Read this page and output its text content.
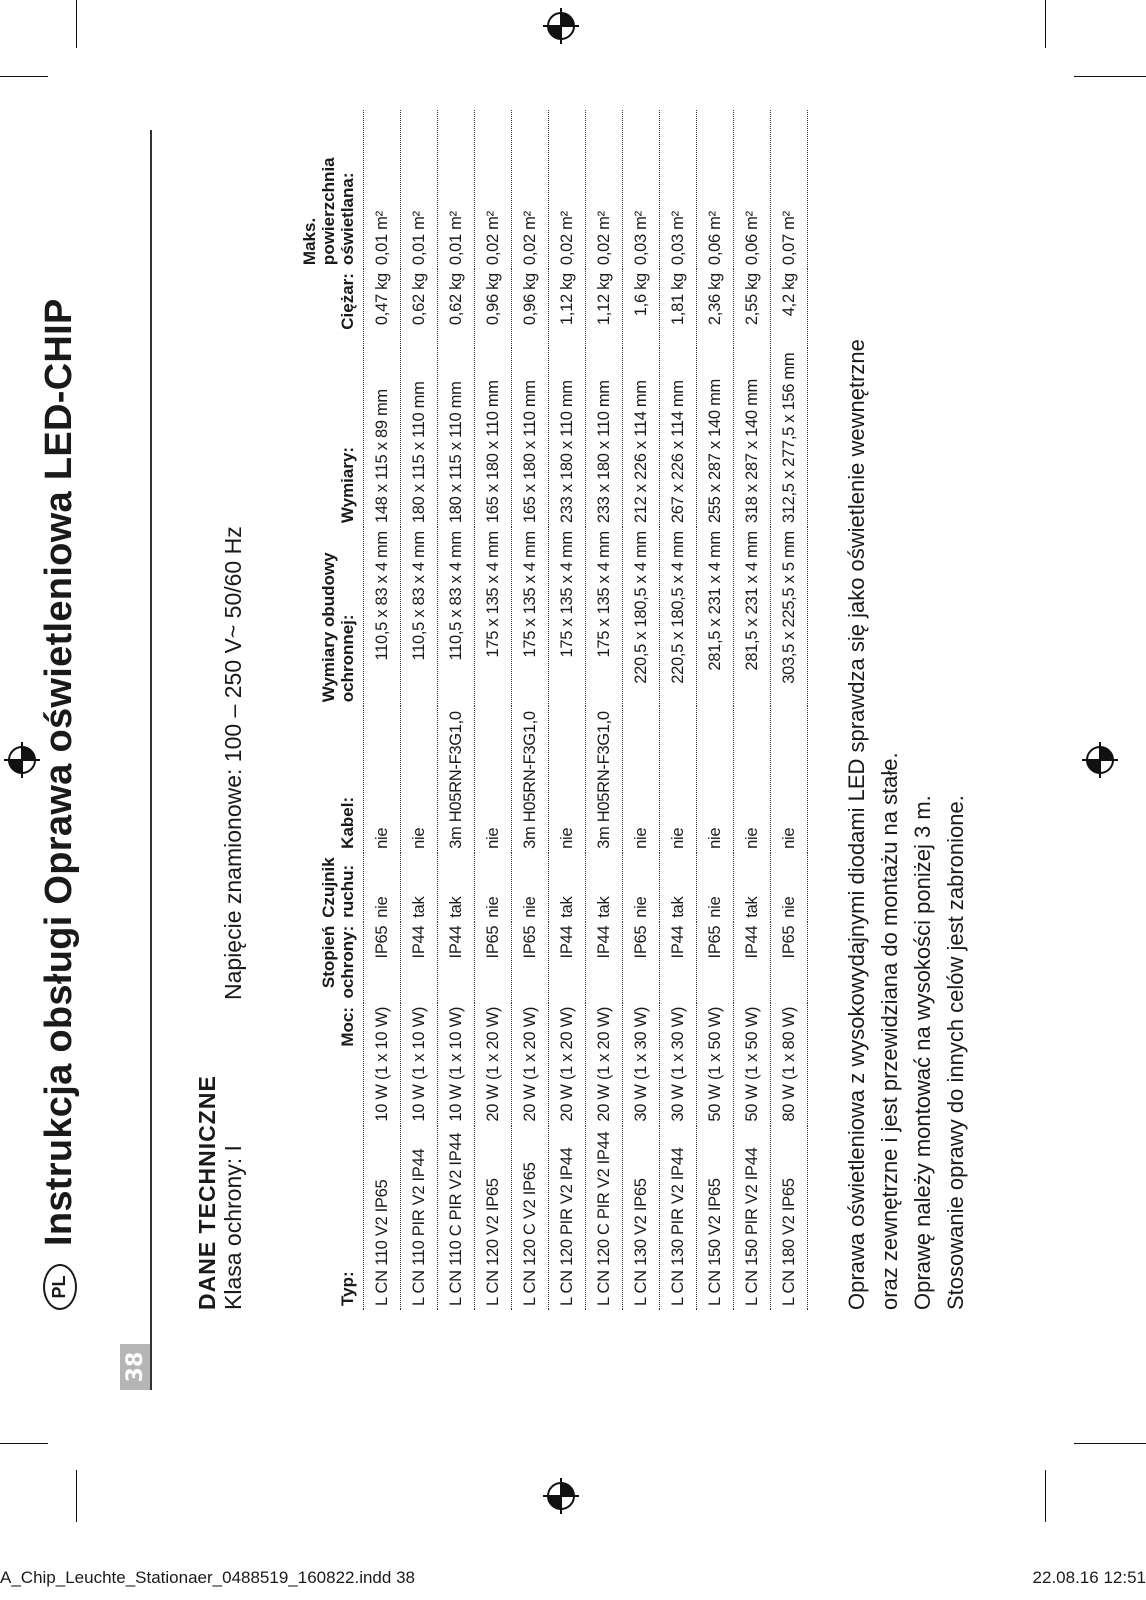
38
PL
Instrukcja obsługi Oprawa oświetleniowa LED-CHIP	DANE TECHNICZNE Klasa ochrony: I
Napięcie znamionowe: 100 – 250 V~ 50/60 Hz
Typ:	Moc:	Stopień ochrony:	Czujnik ruchu:	Kabel:	Wymiary obudowy ochronnej:	Wymiary:	Ciężar:	Maks. powierzchnia oświetlana:
L CN 110 V2 IP65	10 W (1 x 10 W)	IP65	nie	nie	110,5 x 83 x 4 mm	148 x 115 x 89 mm	0,47 kg	0,01 m²
L CN 110 PIR V2 IP44	10 W (1 x 10 W)	IP44	tak	nie	110,5 x 83 x 4 mm	180 x 115 x 110 mm	0,62 kg	0,01 m²
L CN 110 C PIR V2 IP44	10 W (1 x 10 W)	IP44	tak	3m H05RN-F3G1,0	110,5 x 83 x 4 mm	180 x 115 x 110 mm	0,62 kg	0,01 m²
L CN 120 V2 IP65	20 W (1 x 20 W)	IP65	nie	nie	175 x 135 x 4 mm	165 x 180 x 110 mm	0,96 kg	0,02 m²
L CN 120 C V2 IP65	20 W (1 x 20 W)	IP65	nie	3m H05RN-F3G1,0	175 x 135 x 4 mm	165 x 180 x 110 mm	0,96 kg	0,02 m²
L CN 120 PIR V2 IP44	20 W (1 x 20 W)	IP44	tak	nie	175 x 135 x 4 mm	233 x 180 x 110 mm	1,12 kg	0,02 m²
L CN 120 C PIR V2 IP44	20 W (1 x 20 W)	IP44	tak	3m H05RN-F3G1,0	175 x 135 x 4 mm	233 x 180 x 110 mm	1,12 kg	0,02 m²
L CN 130 V2 IP65	30 W (1 x 30 W)	IP65	nie	nie	220,5 x 180,5 x 4 mm	212 x 226 x 114 mm	1,6 kg	0,03 m²
L CN 130 PIR V2 IP44	30 W (1 x 30 W)	IP44	tak	nie	220,5 x 180,5 x 4 mm	267 x 226 x 114 mm	1,81 kg	0,03 m²
L CN 150 V2 IP65	50 W (1 x 50 W)	IP65	nie	nie	281,5 x 231 x 4 mm	255 x 287 x 140 mm	2,36 kg	0,06 m²
L CN 150 PIR V2 IP44	50 W (1 x 50 W)	IP44	tak	nie	281,5 x 231 x 4 mm	318 x 287 x 140 mm	2,55 kg	0,06 m²
L CN 180 V2 IP65	80 W (1 x 80 W)	IP65	nie	nie	303,5 x 225,5 x 5 mm	312,5 x 277,5 x 156 mm	4,2 kg	0,07 m²

Oprawa oświetleniowa z wysokowydajnymi diodami LED sprawdza się jako oświetlenie wewnętrzne oraz zewnętrzne i jest przewidziana do montażu na stałe. Oprawę należy montować na wysokości poniżej 3 m. Stosowanie oprawy do innych celów jest zabronione.

A_Chip_Leuchte_Stationaer_0488519_160822.indd 38	22.08.16 12:51
